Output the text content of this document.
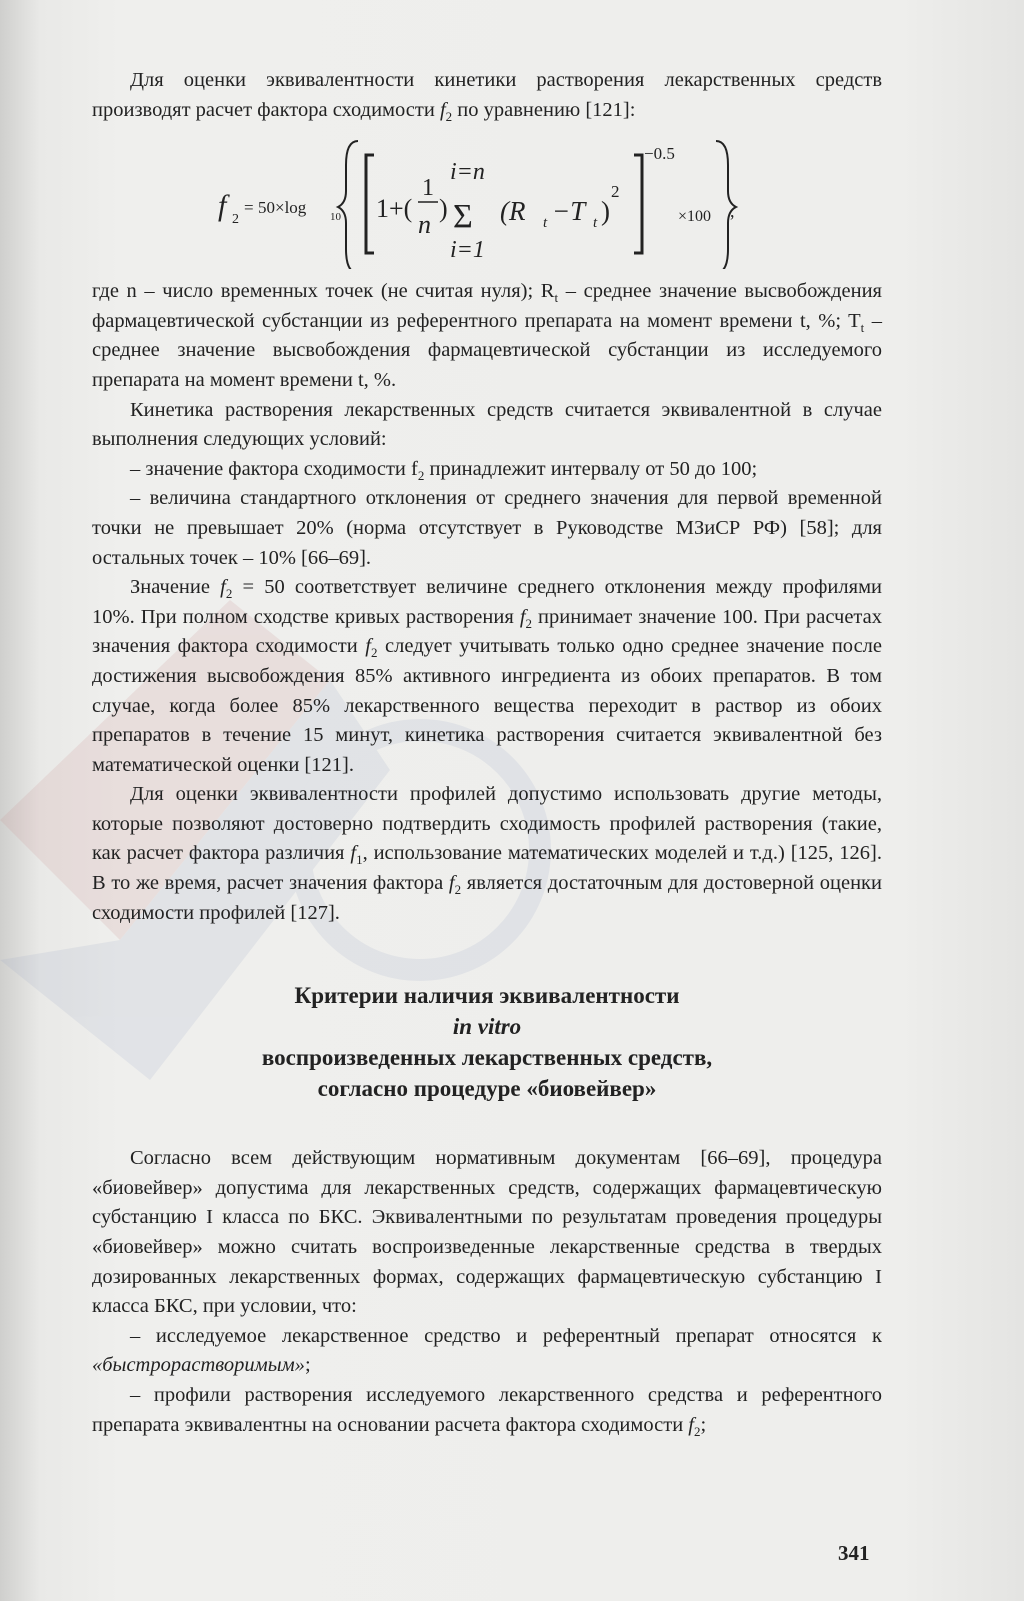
Для оценки эквивалентности кинетики растворения лекарственных средств производят расчет фактора сходимости $f_2$ по уравнению [121]:

f 2
= 50×log 10 1+(
1
n
) Σ
i=n
i=1
(R t −T t )
2
−0.5
×100 ,

где n – число временных точек (не считая нуля); $R_t$ – среднее значение высвобождения фармацевтической субстанции из референтного препарата на момент времени t, %; $T_t$ – среднее значение высвобождения фармацевтической субстанции из исследуемого препарата на момент времени t, %.

Кинетика растворения лекарственных средств считается эквивалентной в случае выполнения следующих условий:

– значение фактора сходимости $f_2$ принадлежит интервалу от 50 до 100;

– величина стандартного отклонения от среднего значения для первой временной точки не превышает 20% (норма отсутствует в Руководстве МЗиСР РФ) [58]; для остальных точек – 10% [66–69].

Значение $f_2 = 50$ соответствует величине среднего отклонения между профилями 10%. При полном сходстве кривых растворения $f_2$ принимает значение 100. При расчетах значения фактора сходимости $f_2$ следует учитывать только одно среднее значение после достижения высвобождения 85% активного ингредиента из обоих препаратов. В том случае, когда более 85% лекарственного вещества переходит в раствор из обоих препаратов в течение 15 минут, кинетика растворения считается эквивалентной без математической оценки [121].

Для оценки эквивалентности профилей допустимо использовать другие методы, которые позволяют достоверно подтвердить сходимость профилей растворения (такие, как расчет фактора различия $f_1$, использование математических моделей и т.д.) [125, 126]. В то же время, расчет значения фактора $f_2$ является достаточным для достоверной оценки сходимости профилей [127].

Критерии наличия эквивалентности
in vitro
воспроизведенных лекарственных средств,
согласно процедуре «биовейвер»

Согласно всем действующим нормативным документам [66–69], процедура «биовейвер» допустима для лекарственных средств, содержащих фармацевтическую субстанцию I класса по БКС. Эквивалентными по результатам проведения процедуры «биовейвер» можно считать воспроизведенные лекарственные средства в твердых дозированных лекарственных формах, содержащих фармацевтическую субстанцию I класса БКС, при условии, что:

– исследуемое лекарственное средство и референтный препарат относятся к «быстрорастворимым»;

– профили растворения исследуемого лекарственного средства и референтного препарата эквивалентны на основании расчета фактора сходимости $f_2$;

341
